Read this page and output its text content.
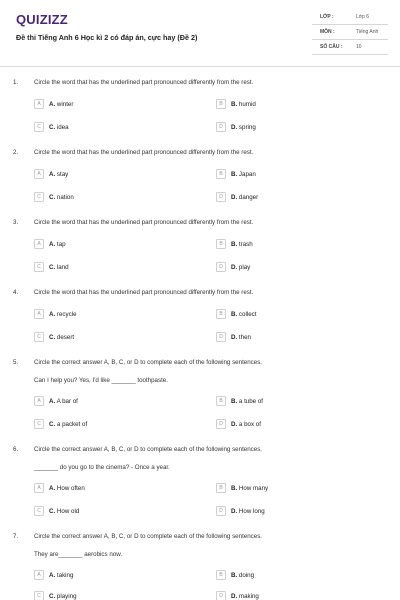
QUIZIZZ
Đề thi Tiếng Anh 6 Học kì 2 có đáp án, cực hay (Đề 2)
LỚP :	Lớp 6
MÔN :	Tiếng Anh
SỐ CÂU :	10
1.	Circle the word that has the underlined part pronounced differently from the rest.
A	A. winter	B	B. humid
C	C. idea	D	D. spring
2.	Circle the word that has the underlined part pronounced differently from the rest.
A	A. stay	B	B. Japan
C	C. nation	D	D. danger
3.	Circle the word that has the underlined part pronounced differently from the rest.
A	A. tap	B	B. trash
C	C. land	D	D. play
4.	Circle the word that has the underlined part pronounced differently from the rest.
A	A. recycle	B	B. collect
C	C. desert	D	D. then
5.	Circle the correct answer A, B, C, or D to complete each of the following sentences.
Can I help you? Yes, I'd like _______ toothpaste.
A	A. A bar of	B	B. a tube of
C	C. a packet of	D	D. a box of
6.	Circle the correct answer A, B, C, or D to complete each of the following sentences.
_______ do you go to the cinema? - Once a year.
A	A. How often	B	B. How many
C	C. How old	D	D. How long
7.	Circle the correct answer A, B, C, or D to complete each of the following sentences.
They are_______ aerobics now.
A	A. taking	B	B. doing
C	C. playing	D	D. making
